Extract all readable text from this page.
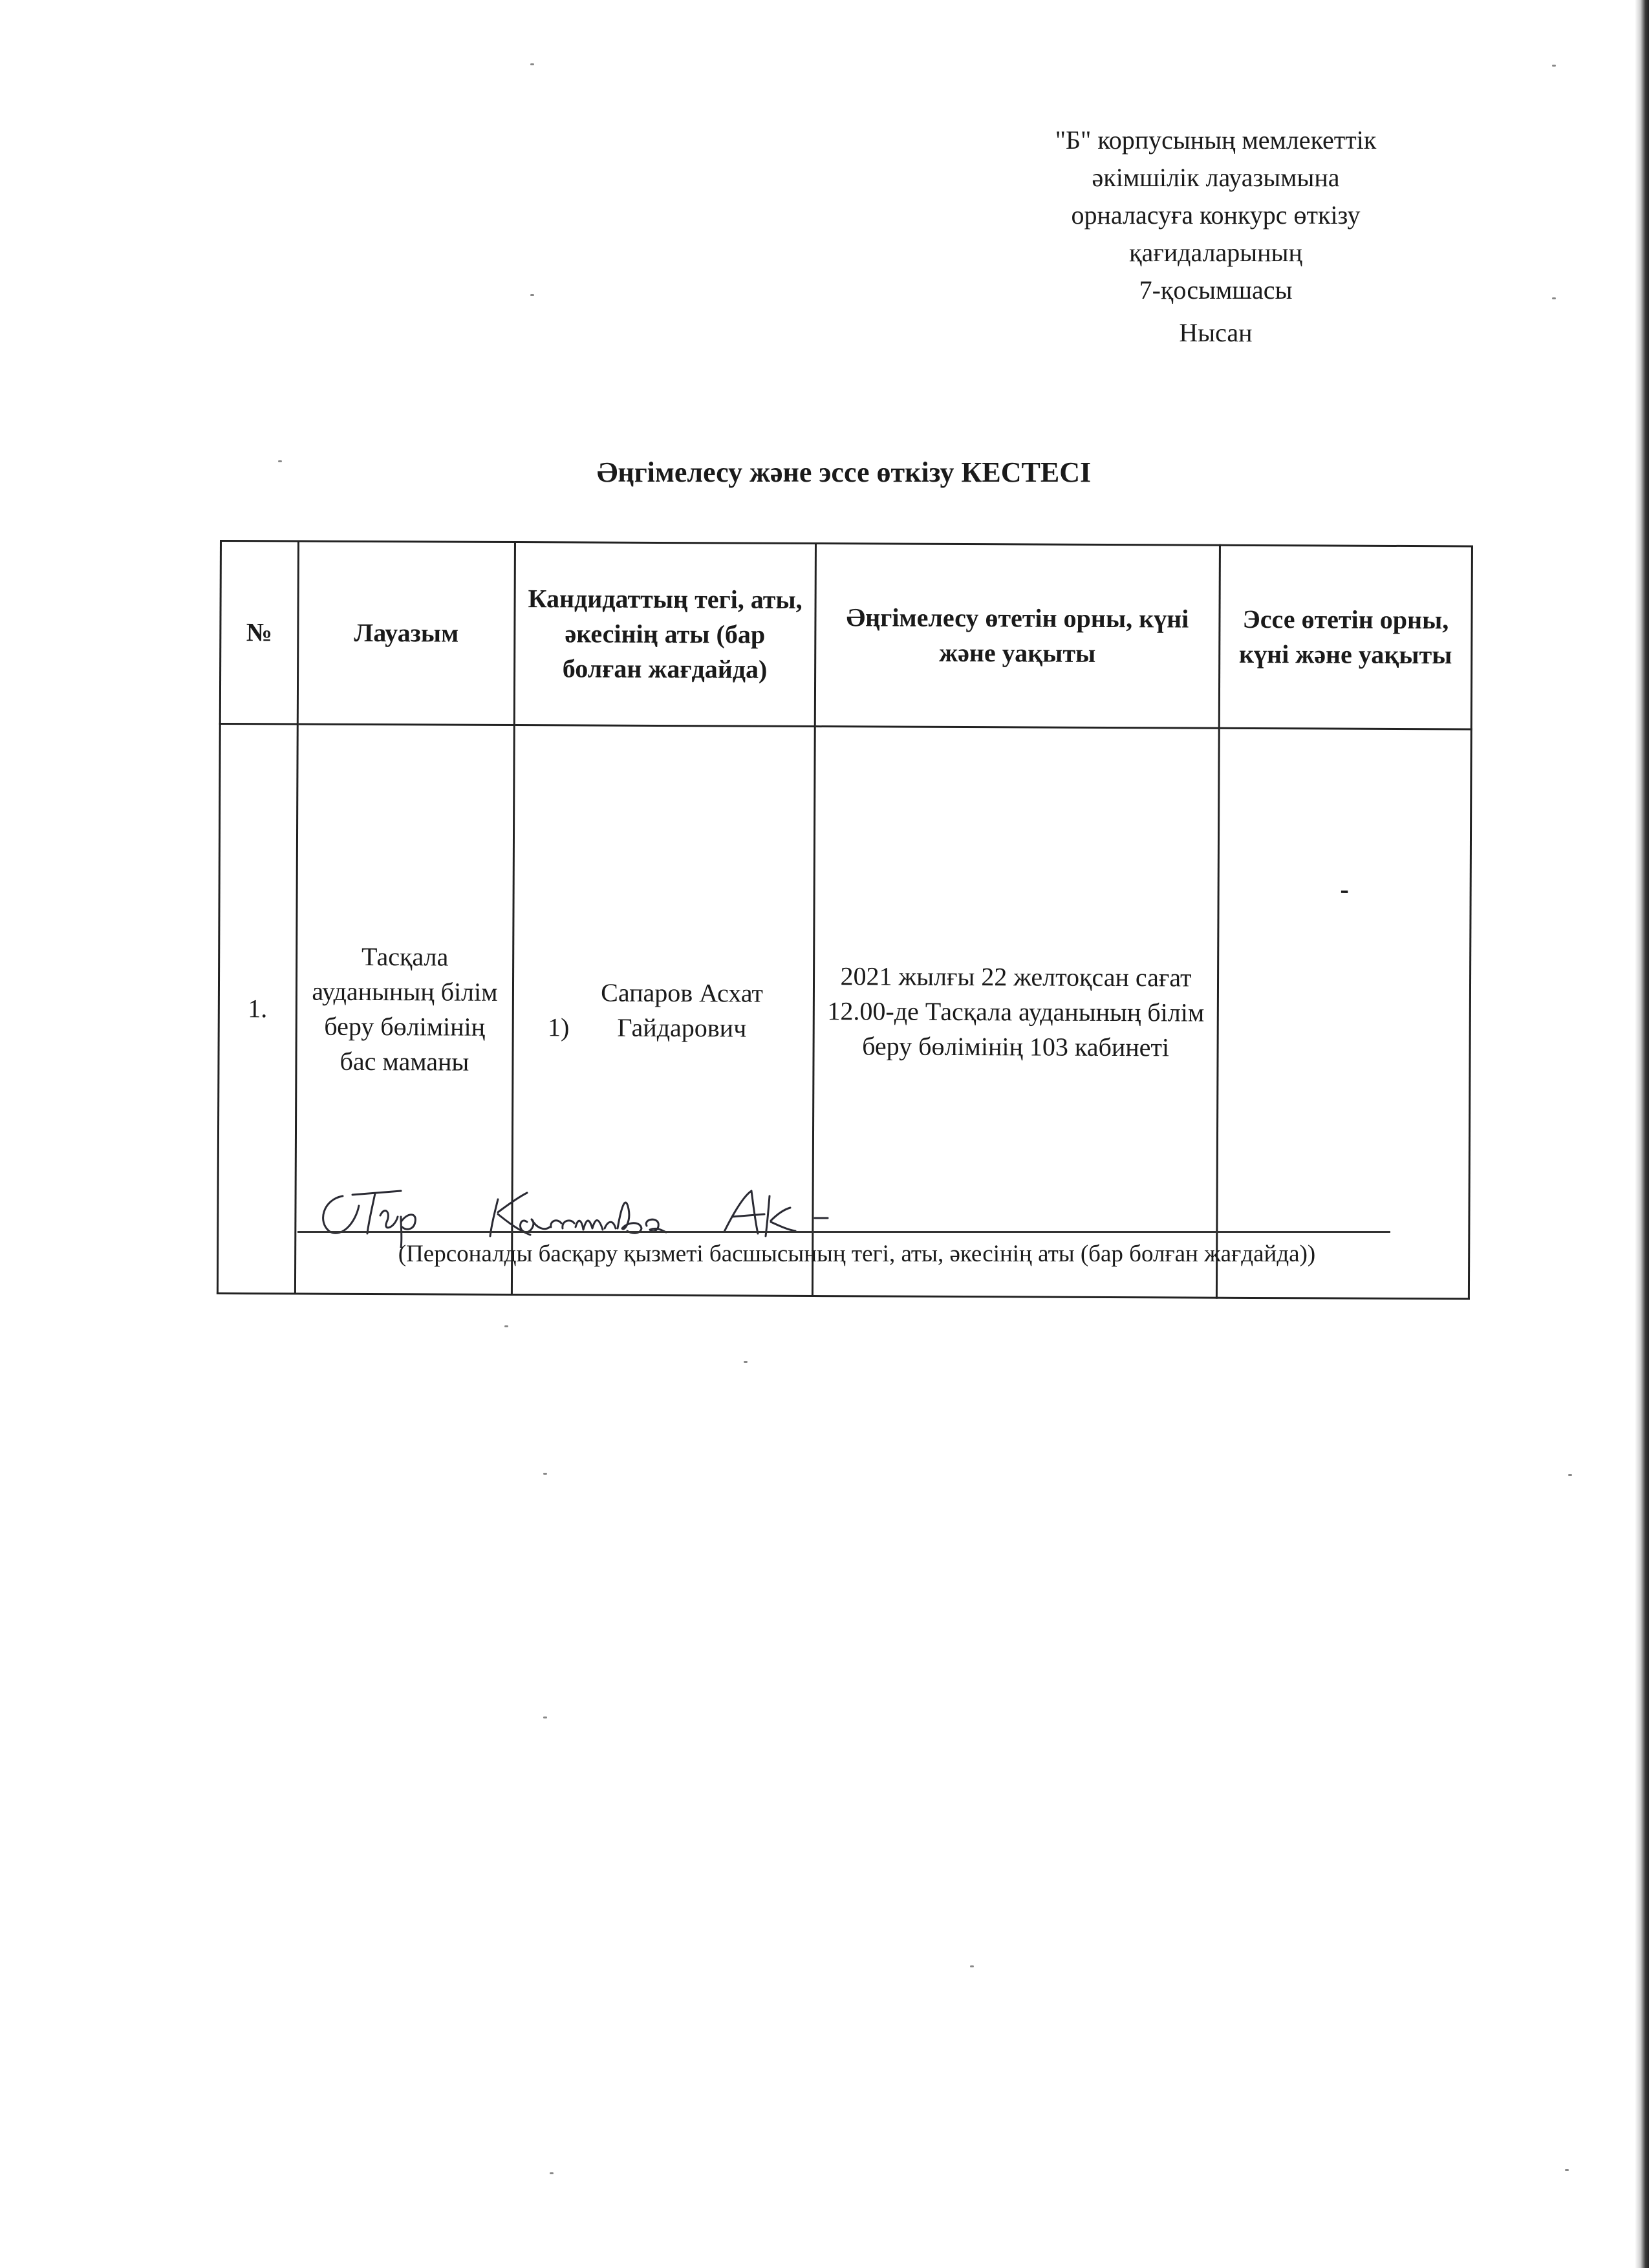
"Б" корпусының мемлекеттік
әкімшілік лауазымына
орналасуға конкурс өткізу
қағидаларының
7-қосымшасы
Нысан
Әңгімелесу және эссе өткізу КЕСТЕСІ
№	Лауазым	Кандидаттың тегі, аты, әкесінің аты (бар болған жағдайда)	Әңгімелесу өтетін орны, күні және уақыты	Эссе өтетін орны, күні және уақыты
1.	Тасқала ауданының білім беру бөлімінің бас маманы	1)Сапаров Асхат Гайдарович	2021 жылғы 22 желтоқсан сағат 12.00-де Тасқала ауданының білім беру бөлімінің 103 кабинеті	-
(Персоналды басқару қызметі басшысының тегі, аты, әкесінің аты (бар болған жағдайда))
